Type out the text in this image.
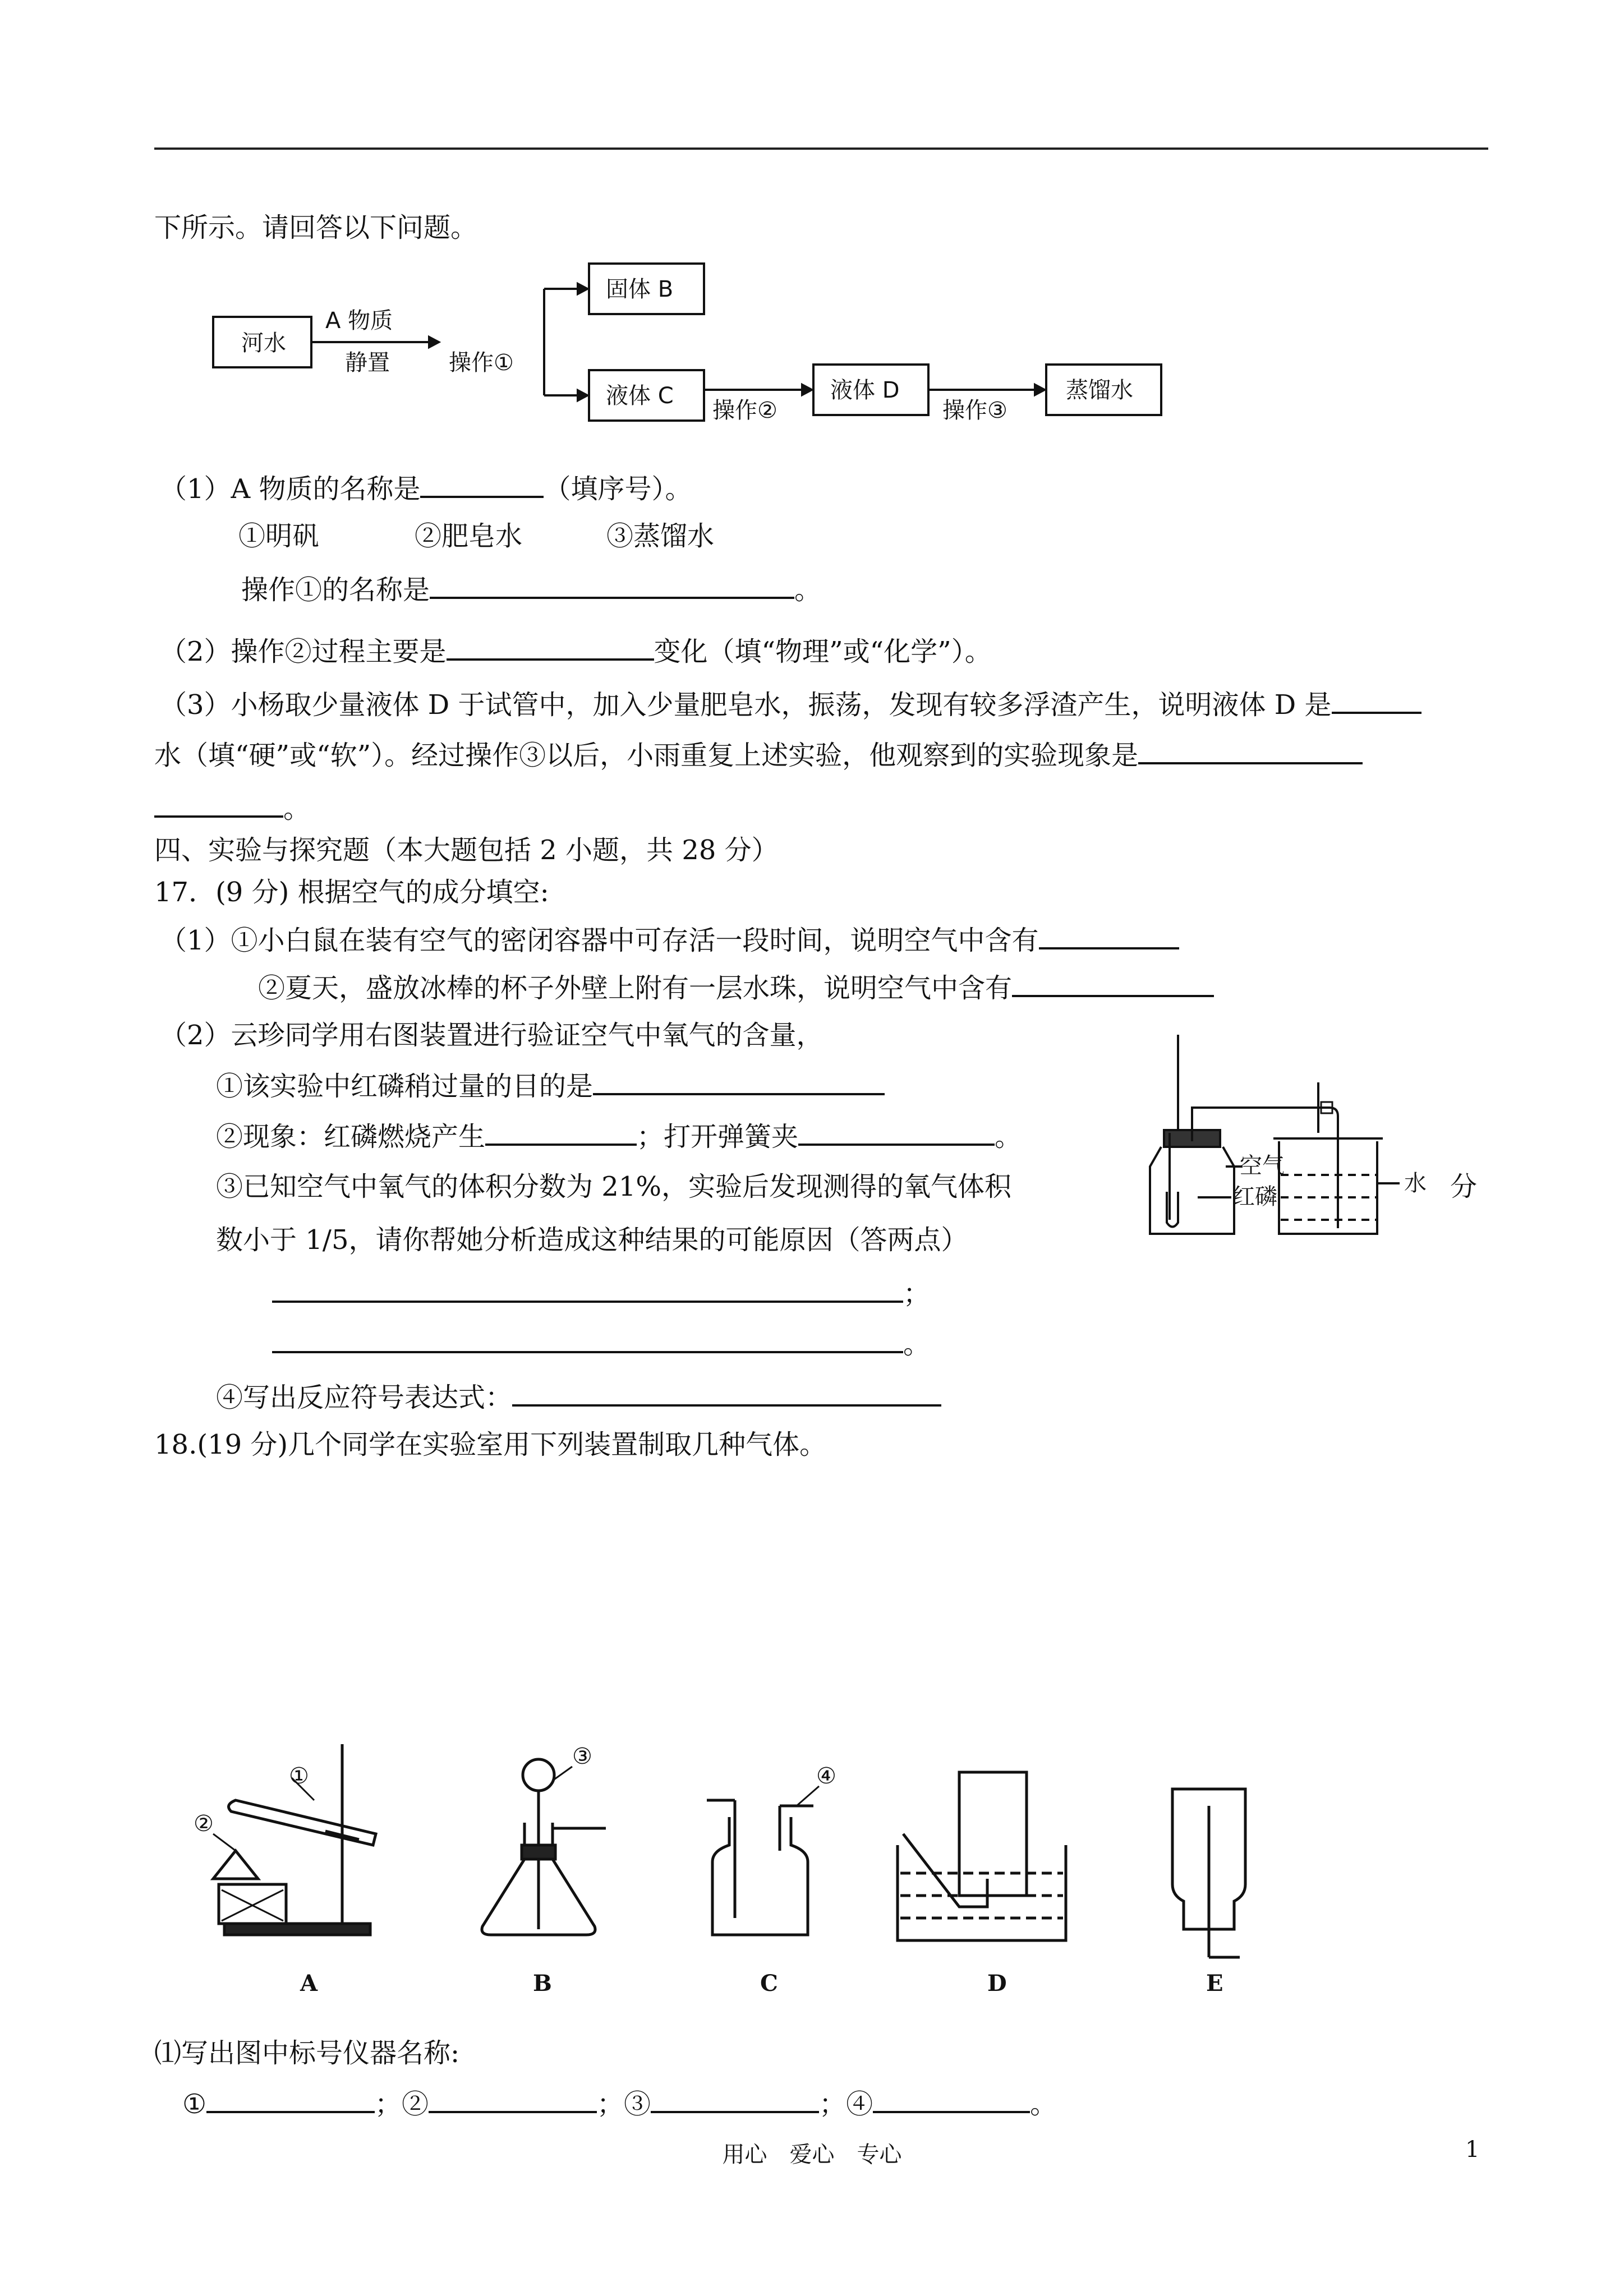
下所示。请回答以下问题。
河水
A 物质
静置	操作①
固体 B
液体 C
操作②
液体 D
操作③
蒸馏水
（1）A 物质的名称是	（填序号）。
①明矾	②肥皂水	③蒸馏水
操作①的名称是	。
（2）操作②过程主要是	变化（填“物理”或“化学”）。
（3）小杨取少量液体 D 于试管中，加入少量肥皂水，振荡，发现有较多浮渣产生，说明液体 D 是
水（填“硬”或“软”）。经过操作③以后，小雨重复上述实验，他观察到的实验现象是
。
四、实验与探究题（本大题包括 2 小题，共 28 分）
17．(9 分) 根据空气的成分填空:
（1）①小白鼠在装有空气的密闭容器中可存活一段时间，说明空气中含有
②夏天，盛放冰棒的杯子外壁上附有一层水珠，说明空气中含有
（2）云珍同学用右图装置进行验证空气中氧气的含量，
①该实验中红磷稍过量的目的是
②现象：红磷燃烧产生	；打开弹簧夹	。
③已知空气中氧气的体积分数为 21%，实验后发现测得的氧气体积	分
数小于 1/5，请你帮她分析造成这种结果的可能原因（答两点）
；
。
④写出反应符号表达式：
空气
红磷
水
18.(19 分)几个同学在实验室用下列装置制取几种气体。
①
②
③
④
A	B	C	D	E
⑴写出图中标号仪器名称:
①	；②	；③	；④	。
用心　爱心　专心	1
